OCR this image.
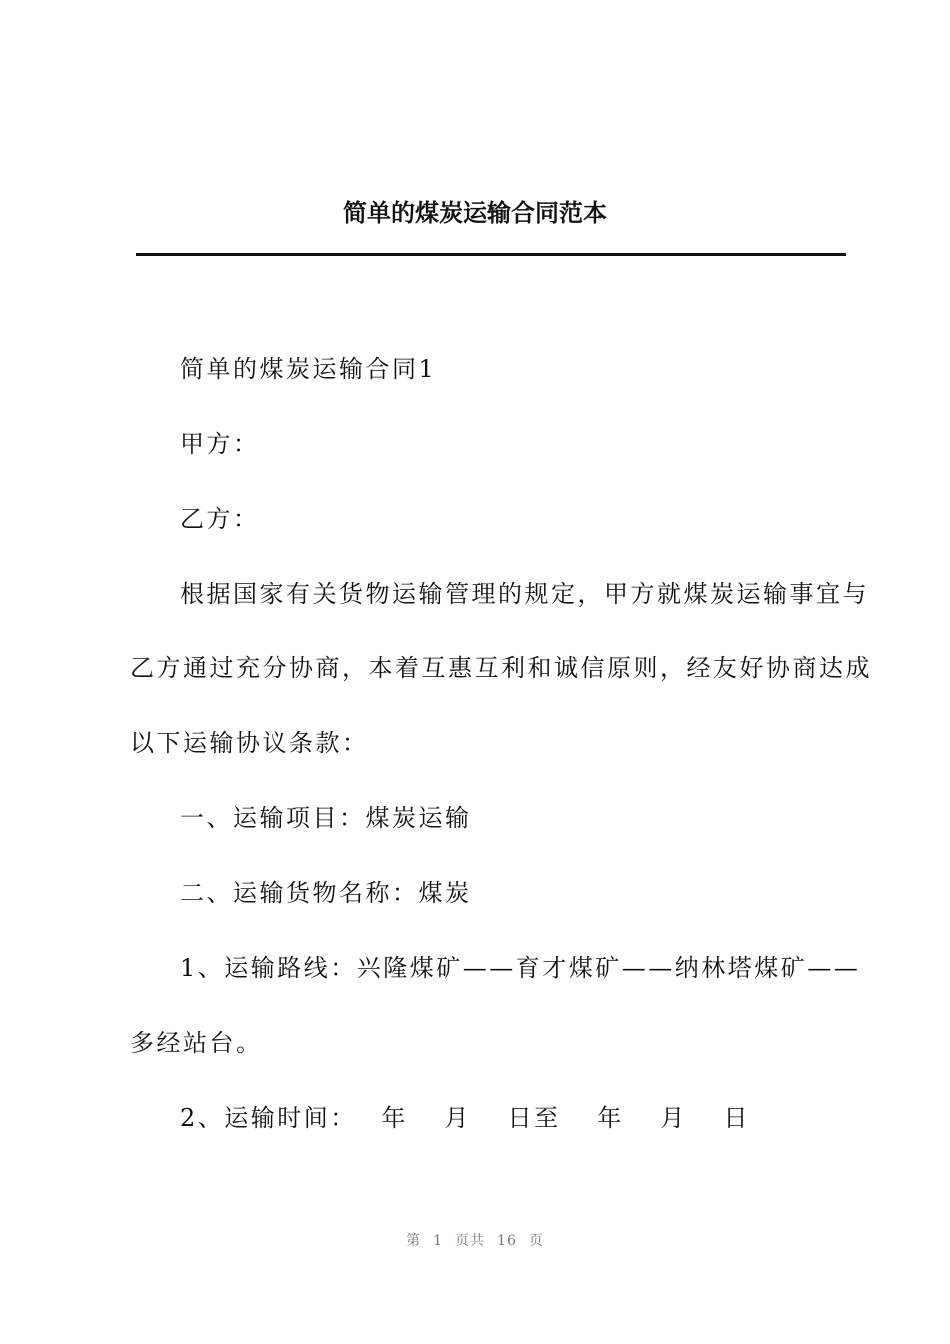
简单的煤炭运输合同范本
简单的煤炭运输合同1
甲方：
乙方：
根据国家有关货物运输管理的规定，甲方就煤炭运输事宜与
乙方通过充分协商，本着互惠互利和诚信原则，经友好协商达成
以下运输协议条款：
一、运输项目：煤炭运输
二、运输货物名称：煤炭
1、运输路线：兴隆煤矿——育才煤矿——纳林塔煤矿——
多经站台。
2、运输时间：　 年　 月　 日至　 年　 月　 日
第 1 页共 16 页
